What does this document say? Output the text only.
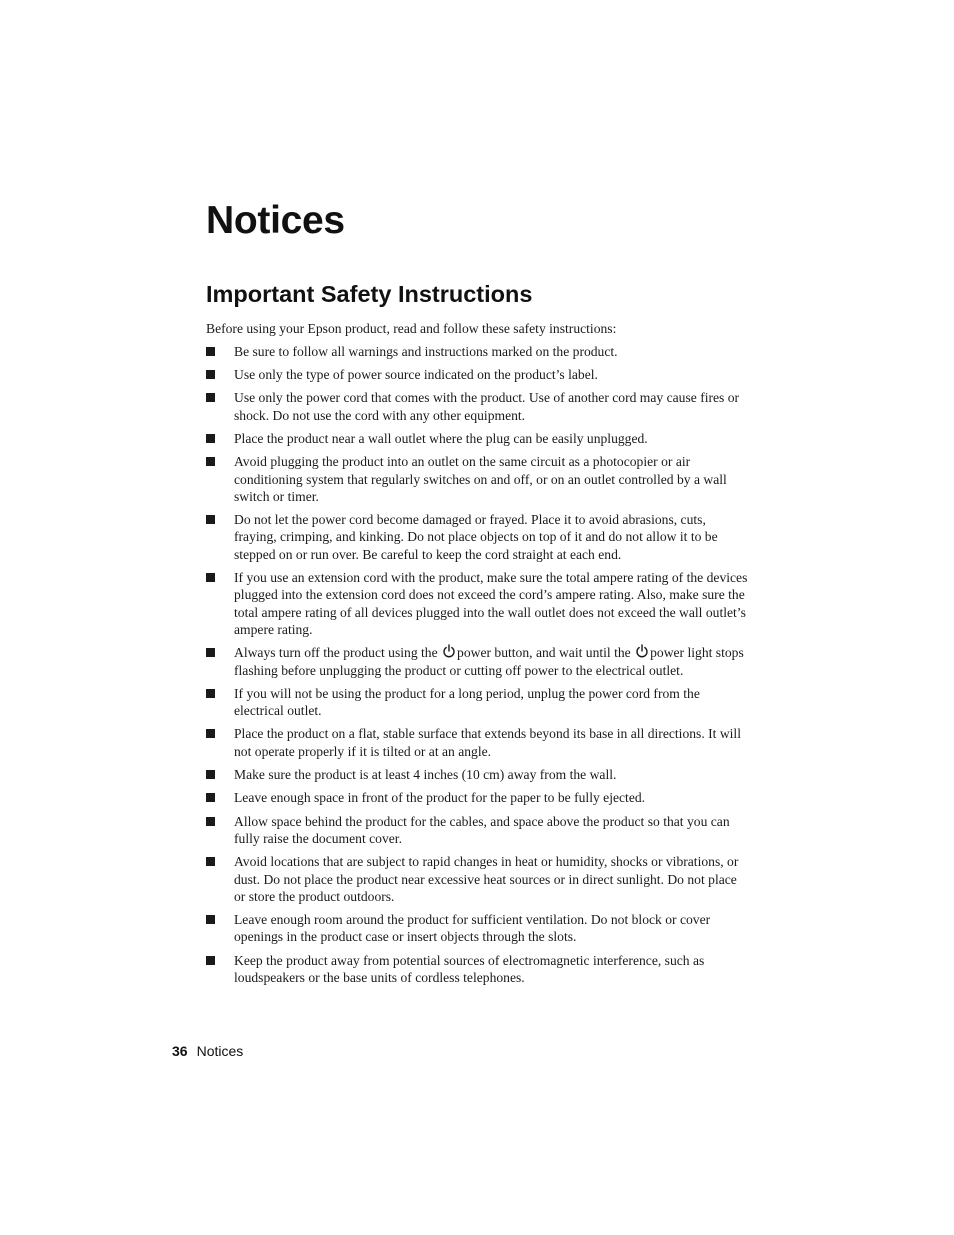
Notices
Important Safety Instructions

Before using your Epson product, read and follow these safety instructions:

Be sure to follow all warnings and instructions marked on the product.
Use only the type of power source indicated on the product’s label.
Use only the power cord that comes with the product. Use of another cord may cause fires or shock. Do not use the cord with any other equipment.
Place the product near a wall outlet where the plug can be easily unplugged.
Avoid plugging the product into an outlet on the same circuit as a photocopier or air conditioning system that regularly switches on and off, or on an outlet controlled by a wall switch or timer.
Do not let the power cord become damaged or frayed. Place it to avoid abrasions, cuts, fraying, crimping, and kinking. Do not place objects on top of it and do not allow it to be stepped on or run over. Be careful to keep the cord straight at each end.
If you use an extension cord with the product, make sure the total ampere rating of the devices plugged into the extension cord does not exceed the cord’s ampere rating. Also, make sure the total ampere rating of all devices plugged into the wall outlet does not exceed the wall outlet’s ampere rating.
Always turn off the product using the power button, and wait until the power light stops flashing before unplugging the product or cutting off power to the electrical outlet.
If you will not be using the product for a long period, unplug the power cord from the electrical outlet.
Place the product on a flat, stable surface that extends beyond its base in all directions. It will not operate properly if it is tilted or at an angle.
Make sure the product is at least 4 inches (10 cm) away from the wall.
Leave enough space in front of the product for the paper to be fully ejected.
Allow space behind the product for the cables, and space above the product so that you can fully raise the document cover.
Avoid locations that are subject to rapid changes in heat or humidity, shocks or vibrations, or dust. Do not place the product near excessive heat sources or in direct sunlight. Do not place or store the product outdoors.
Leave enough room around the product for sufficient ventilation. Do not block or cover openings in the product case or insert objects through the slots.
Keep the product away from potential sources of electromagnetic interference, such as loudspeakers or the base units of cordless telephones.
36 Notices
